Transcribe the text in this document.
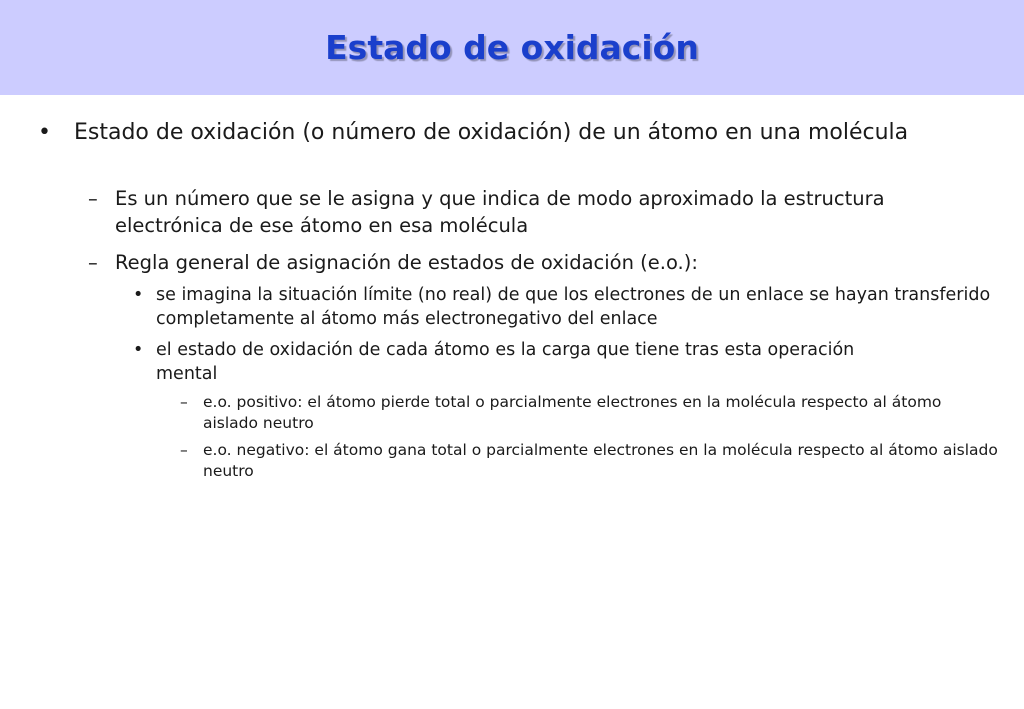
Estado de oxidación
• Estado de oxidación (o número de oxidación) de un átomo en una molécula
– Es un número que se le asigna y que indica de modo aproximado la estructura electrónica de ese átomo en esa molécula
– Regla general de asignación de estados de oxidación (e.o.):
• se imagina la situación límite (no real) de que los electrones de un enlace se hayan transferido completamente al átomo más electronegativo del enlace
• el estado de oxidación de cada átomo es la carga que tiene tras esta operación mental
– e.o. positivo: el átomo pierde total o parcialmente electrones en la molécula respecto al átomo aislado neutro
– e.o. negativo: el átomo gana total o parcialmente electrones en la molécula respecto al átomo aislado neutro
